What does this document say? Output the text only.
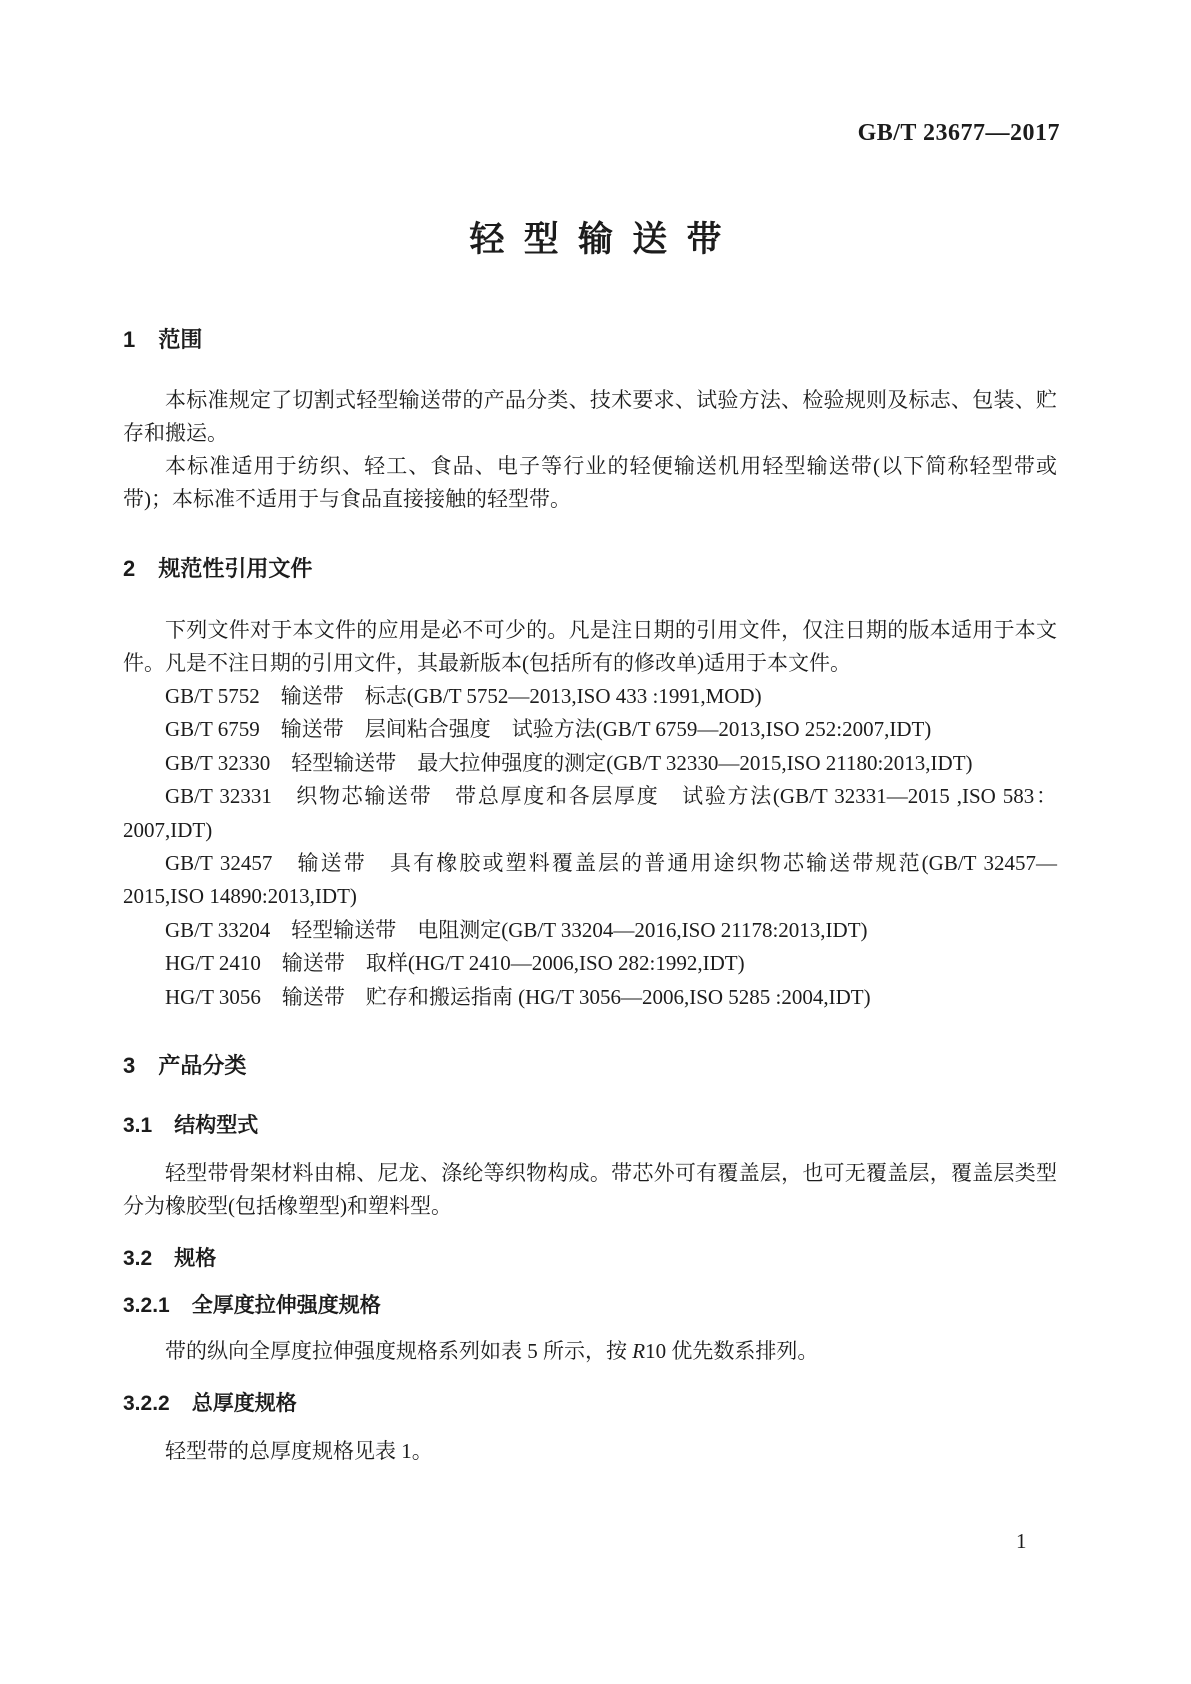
GB/T 23677—2017
轻型输送带
1 范围

本标准规定了切割式轻型输送带的产品分类、技术要求、试验方法、检验规则及标志、包装、贮存和搬运。

本标准适用于纺织、轻工、食品、电子等行业的轻便输送机用轻型输送带(以下简称轻型带或带)；本标准不适用于与食品直接接触的轻型带。

2 规范性引用文件

下列文件对于本文件的应用是必不可少的。凡是注日期的引用文件，仅注日期的版本适用于本文件。凡是不注日期的引用文件，其最新版本(包括所有的修改单)适用于本文件。

GB/T 5752　输送带　标志(GB/T 5752—2013,ISO 433 :1991,MOD)

GB/T 6759　输送带　层间粘合强度　试验方法(GB/T 6759—2013,ISO 252:2007,IDT)

GB/T 32330　轻型输送带　最大拉伸强度的测定(GB/T 32330—2015,ISO 21180:2013,IDT)

GB/T 32331　织物芯输送带　带总厚度和各层厚度　试验方法(GB/T 32331—2015 ,ISO 583：2007,IDT)

GB/T 32457　输送带　具有橡胶或塑料覆盖层的普通用途织物芯输送带规范(GB/T 32457—2015,ISO 14890:2013,IDT)

GB/T 33204　轻型输送带　电阻测定(GB/T 33204—2016,ISO 21178:2013,IDT)

HG/T 2410　输送带　取样(HG/T 2410—2006,ISO 282:1992,IDT)

HG/T 3056　输送带　贮存和搬运指南 (HG/T 3056—2006,ISO 5285 :2004,IDT)

3 产品分类
3.1 结构型式

轻型带骨架材料由棉、尼龙、涤纶等织物构成。带芯外可有覆盖层，也可无覆盖层，覆盖层类型分为橡胶型(包括橡塑型)和塑料型。

3.2 规格
3.2.1 全厚度拉伸强度规格

带的纵向全厚度拉伸强度规格系列如表 5 所示，按 R10 优先数系排列。

3.2.2 总厚度规格

轻型带的总厚度规格见表 1。

1
